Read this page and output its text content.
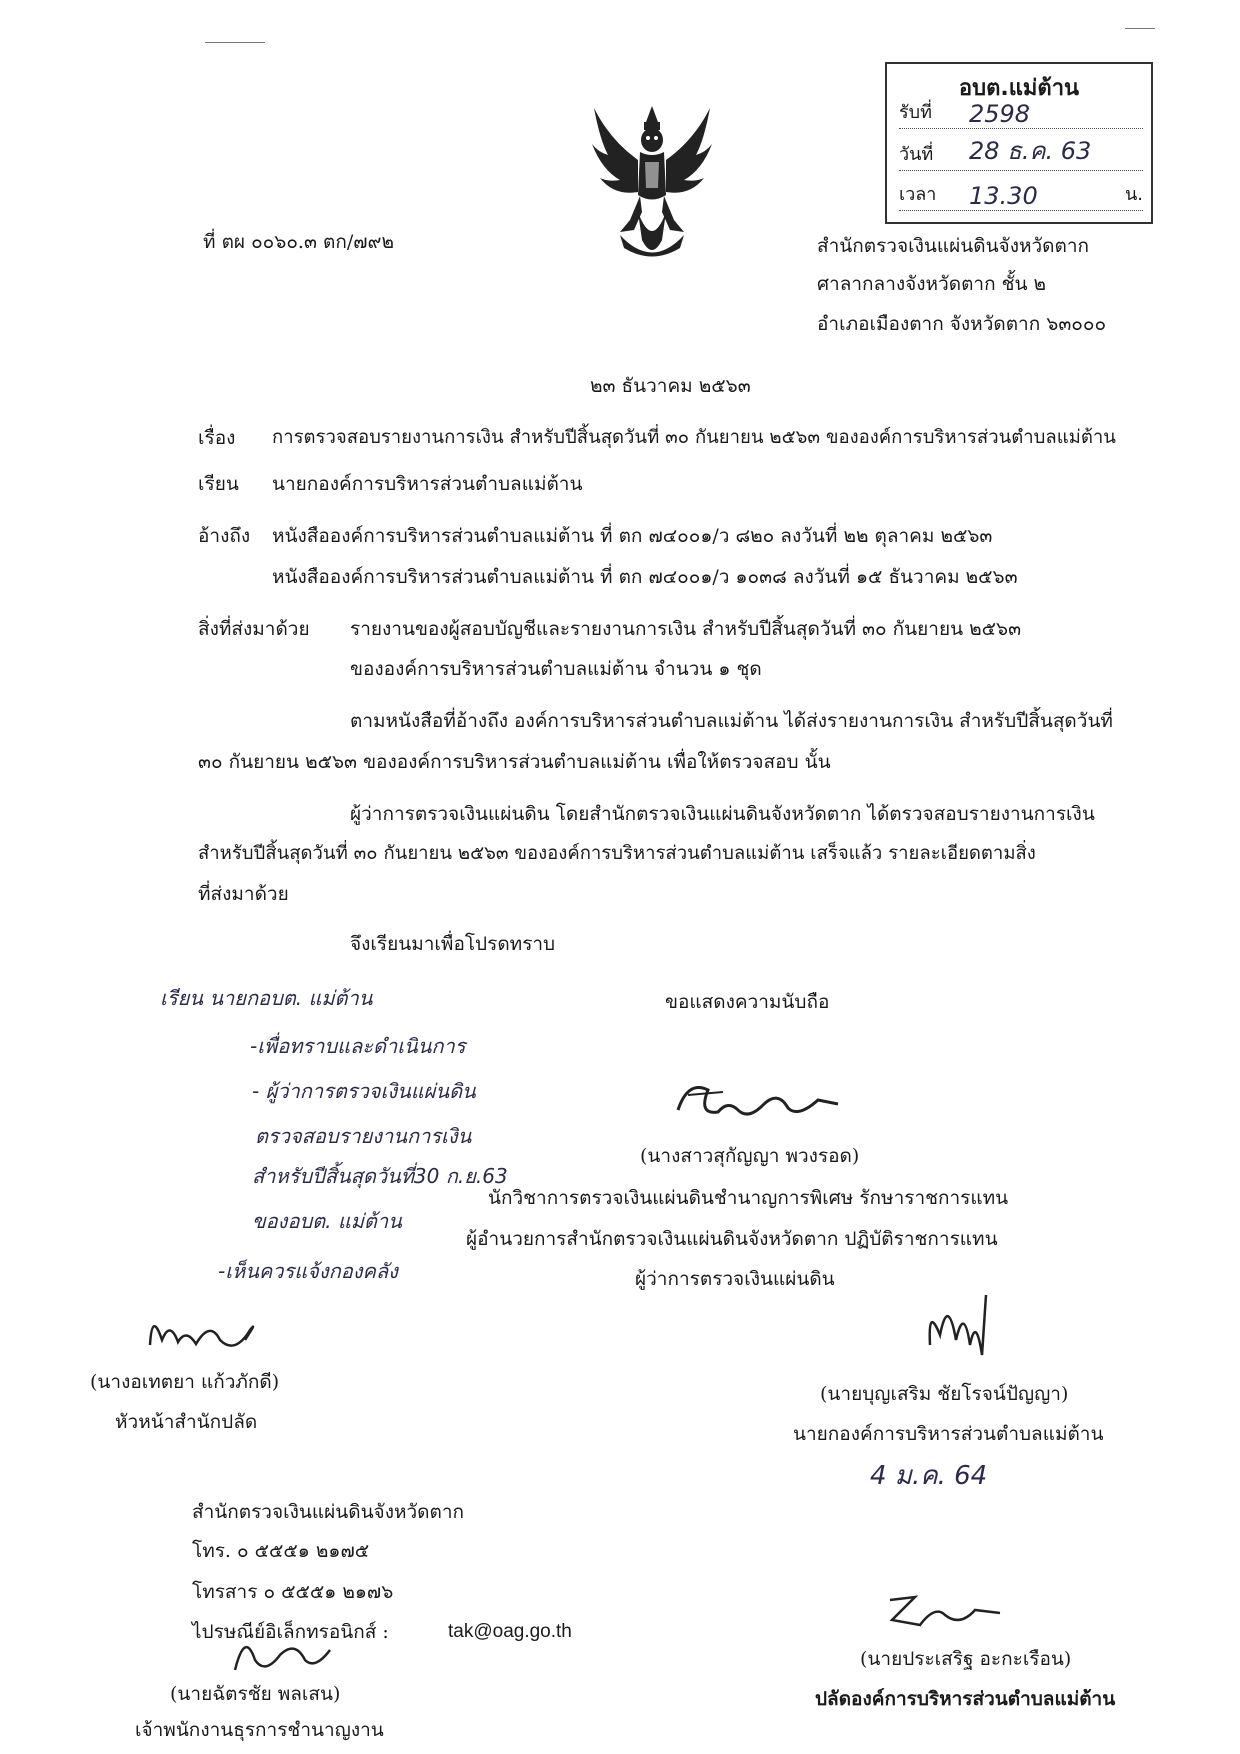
อบต.แม่ต้าน
รับที่ 2598
วันที่ 28 ธ.ค. 63
เวลา 13.30	น.
ที่ ตผ ๐๐๖๐.๓ ตก/๗๙๒	สำนักตรวจเงินแผ่นดินจังหวัดตาก
ศาลากลางจังหวัดตาก ชั้น ๒
อำเภอเมืองตาก จังหวัดตาก ๖๓๐๐๐
๒๓ ธันวาคม ๒๕๖๓
เรื่อง การตรวจสอบรายงานการเงิน สำหรับปีสิ้นสุดวันที่ ๓๐ กันยายน ๒๕๖๓ ขององค์การบริหารส่วนตำบลแม่ต้าน
เรียน นายกองค์การบริหารส่วนตำบลแม่ต้าน
อ้างถึง หนังสือองค์การบริหารส่วนตำบลแม่ต้าน ที่ ตก ๗๔๐๐๑/ว ๘๒๐ ลงวันที่ ๒๒ ตุลาคม ๒๕๖๓
หนังสือองค์การบริหารส่วนตำบลแม่ต้าน ที่ ตก ๗๔๐๐๑/ว ๑๐๓๘ ลงวันที่ ๑๕ ธันวาคม ๒๕๖๓
สิ่งที่ส่งมาด้วย รายงานของผู้สอบบัญชีและรายงานการเงิน สำหรับปีสิ้นสุดวันที่ ๓๐ กันยายน ๒๕๖๓
ขององค์การบริหารส่วนตำบลแม่ต้าน จำนวน ๑ ชุด
ตามหนังสือที่อ้างถึง องค์การบริหารส่วนตำบลแม่ต้าน ได้ส่งรายงานการเงิน สำหรับปีสิ้นสุดวันที่
๓๐ กันยายน ๒๕๖๓ ขององค์การบริหารส่วนตำบลแม่ต้าน เพื่อให้ตรวจสอบ นั้น
ผู้ว่าการตรวจเงินแผ่นดิน โดยสำนักตรวจเงินแผ่นดินจังหวัดตาก ได้ตรวจสอบรายงานการเงิน
สำหรับปีสิ้นสุดวันที่ ๓๐ กันยายน ๒๕๖๓ ขององค์การบริหารส่วนตำบลแม่ต้าน เสร็จแล้ว รายละเอียดตามสิ่ง
ที่ส่งมาด้วย
จึงเรียนมาเพื่อโปรดทราบ
ขอแสดงความนับถือ
(นางสาวสุกัญญา พวงรอด)
นักวิชาการตรวจเงินแผ่นดินชำนาญการพิเศษ รักษาราชการแทน
ผู้อำนวยการสำนักตรวจเงินแผ่นดินจังหวัดตาก ปฏิบัติราชการแทน
ผู้ว่าการตรวจเงินแผ่นดิน
เรียน นายกอบต. แม่ต้าน
-เพื่อทราบและดำเนินการ
- ผู้ว่าการตรวจเงินแผ่นดิน
ตรวจสอบรายงานการเงิน
สำหรับปีสิ้นสุดวันที่30 ก.ย.63
ของอบต. แม่ต้าน
-เห็นควรแจ้งกองคลัง
(นางอเทตยา แก้วภักดี)
หัวหน้าสำนักปลัด
(นายบุญเสริม ชัยโรจน์ปัญญา)
นายกองค์การบริหารส่วนตำบลแม่ต้าน
4 ม.ค. 64
สำนักตรวจเงินแผ่นดินจังหวัดตาก
โทร. ๐ ๕๕๕๑ ๒๑๗๕
โทรสาร ๐ ๕๕๕๑ ๒๑๗๖
ไปรษณีย์อิเล็กทรอนิกส์ :	tak@oag.go.th
(นายฉัตรชัย พลเสน)
เจ้าพนักงานธุรการชำนาญงาน
(นายประเสริฐ อะกะเรือน)
ปลัดองค์การบริหารส่วนตำบลแม่ต้าน
